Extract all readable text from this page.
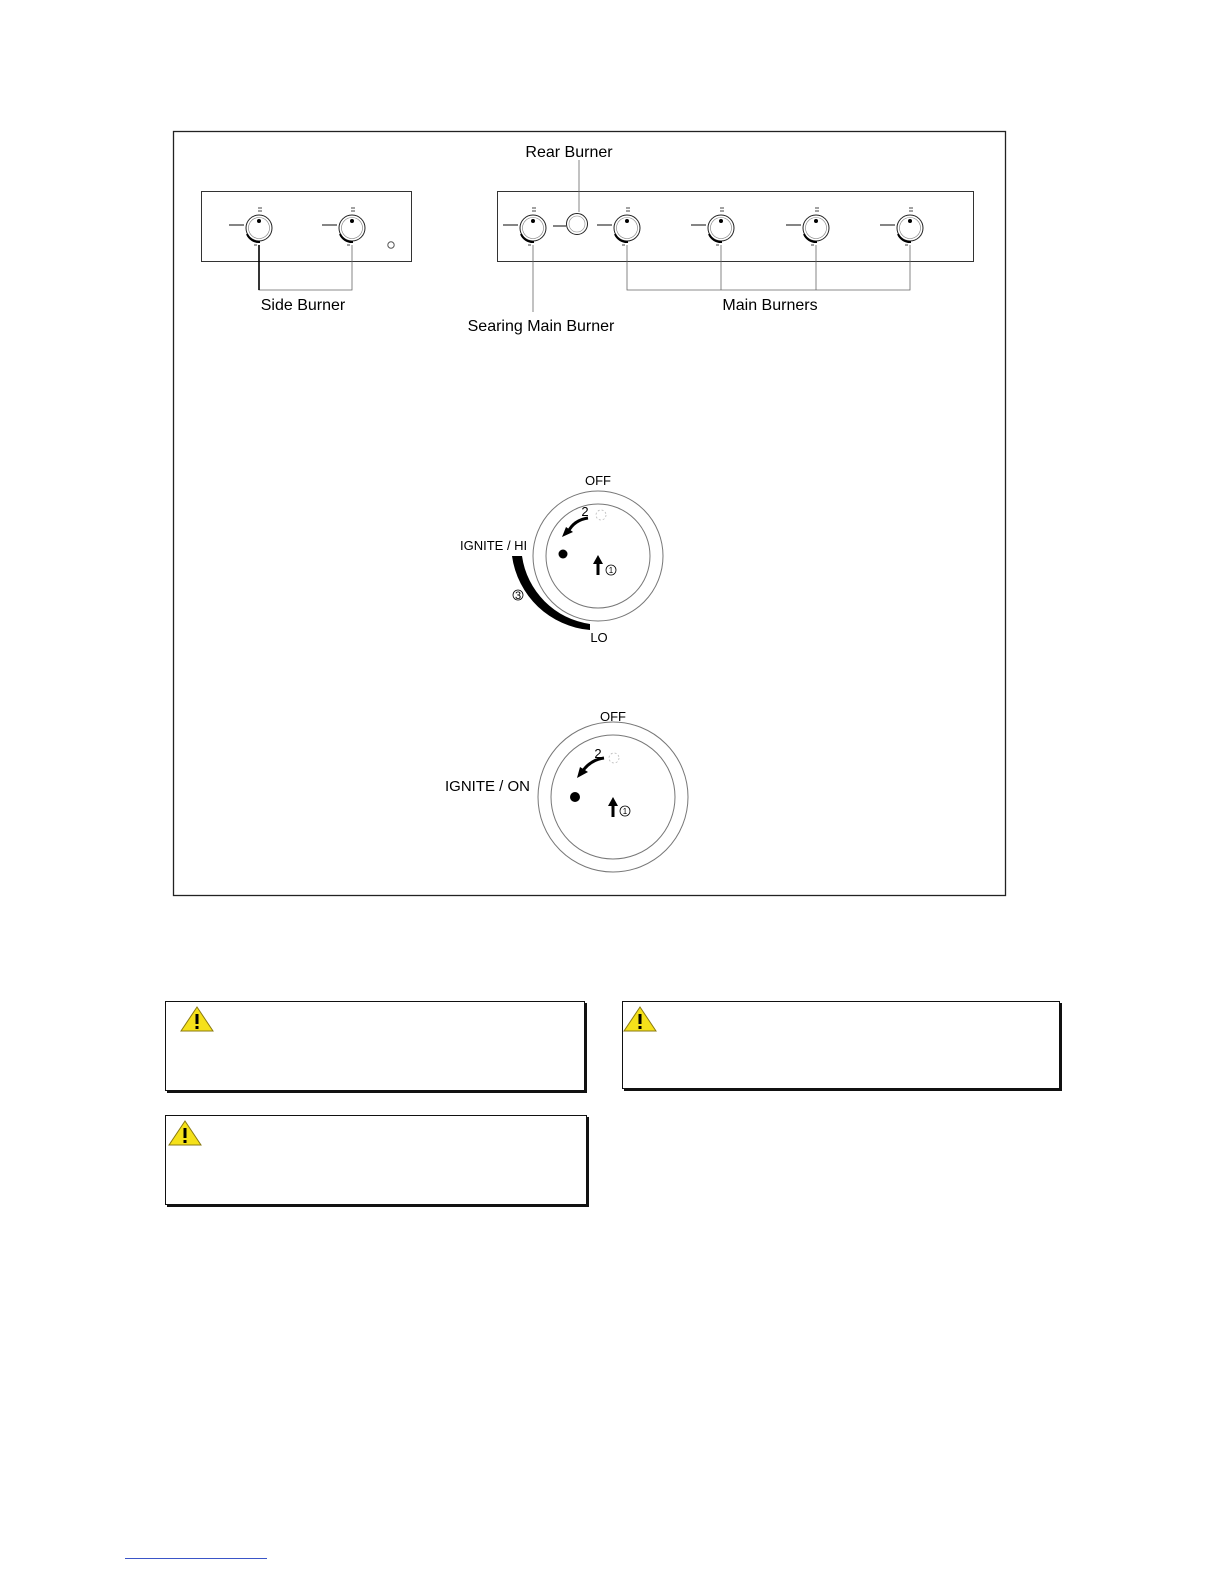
Rear Burner
Side Burner	Main Burners
Searing Main Burner
1
2
3
OFF
IGNITE / HI
LO
1
2
OFF
IGNITE / ON
